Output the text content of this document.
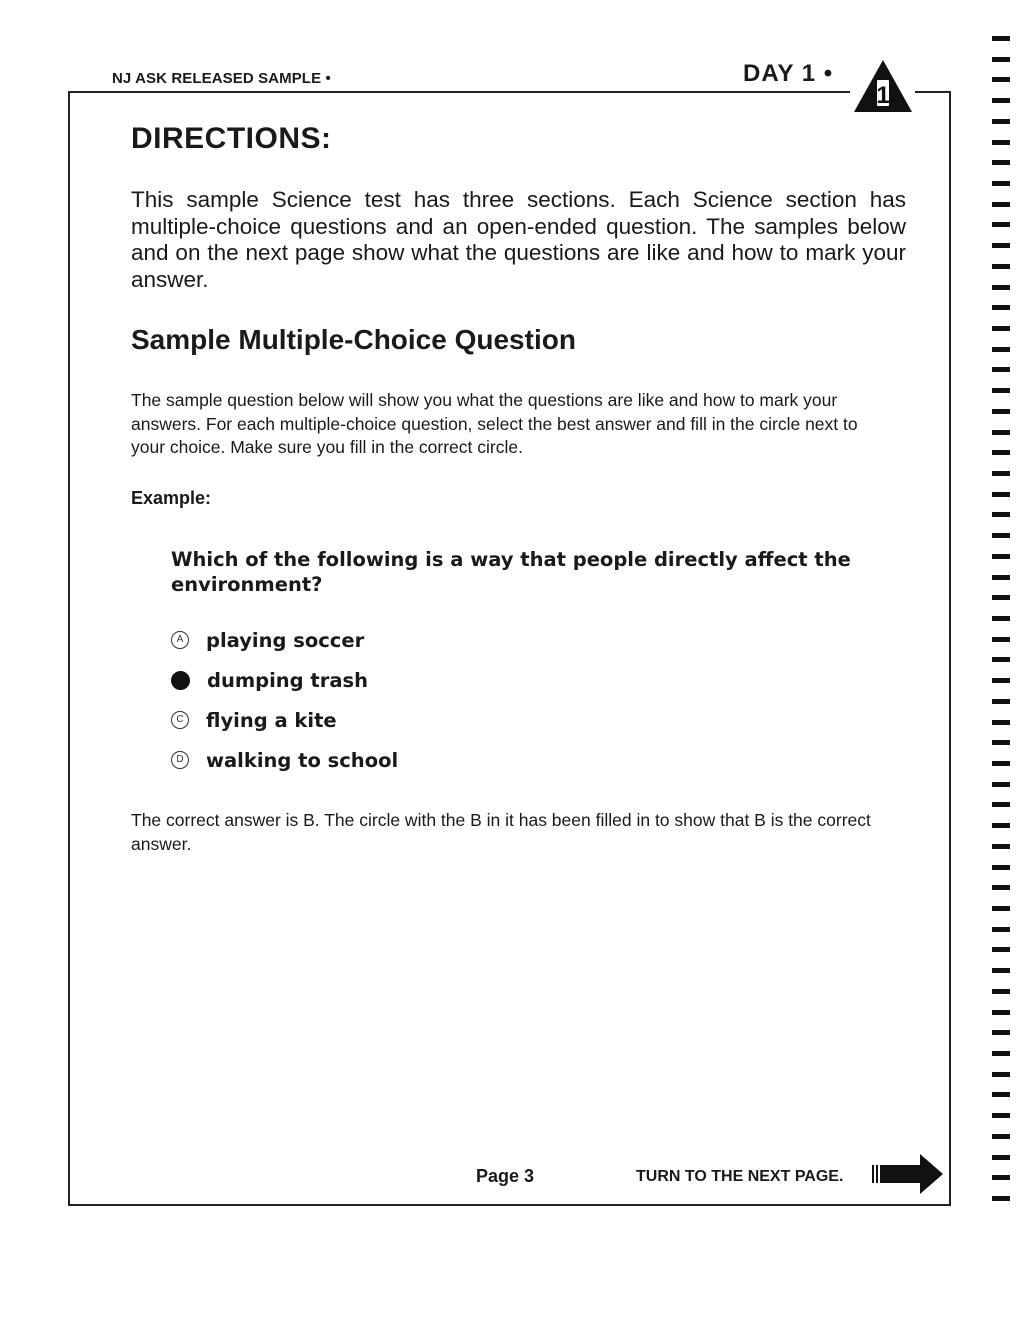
NJ ASK RELEASED SAMPLE •	DAY 1 •
1
DIRECTIONS:
This sample Science test has three sections. Each Science section has multiple-choice questions and an open-ended question. The samples below and on the next page show what the questions are like and how to mark your answer.
Sample Multiple-Choice Question
The sample question below will show you what the questions are like and how to mark your answers. For each multiple-choice question, select the best answer and fill in the circle next to your choice. Make sure you fill in the correct circle.
Example:
Which of the following is a way that people directly affect the environment?
A playing soccer
dumping trash
C flying a kite
D walking to school
The correct answer is B. The circle with the B in it has been filled in to show that B is the correct answer.
Page 3	TURN TO THE NEXT PAGE.
